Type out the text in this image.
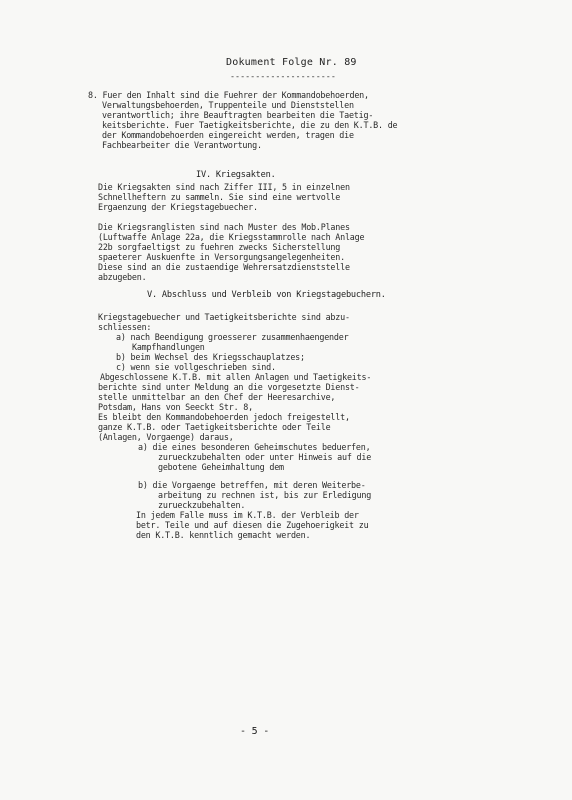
Dokument Folge Nr. 89
---------------------
8. Fuer den Inhalt sind die Fuehrer der Kommandobehoerden,
Verwaltungsbehoerden, Truppenteile und Dienststellen
verantwortlich; ihre Beauftragten bearbeiten die Taetig-
keitsberichte. Fuer Taetigkeitsberichte, die zu den K.T.B. de
der Kommandobehoerden eingereicht werden, tragen die
Fachbearbeiter die Verantwortung.
IV. Kriegsakten.
Die Kriegsakten sind nach Ziffer III, 5 in einzelnen
Schnellheftern zu sammeln. Sie sind eine wertvolle
Ergaenzung der Kriegstagebuecher.
Die Kriegsranglisten sind nach Muster des Mob.Planes
(Luftwaffe Anlage 22a, die Kriegsstammrolle nach Anlage
22b sorgfaeltigst zu fuehren zwecks Sicherstellung
spaeterer Auskuenfte in Versorgungsangelegenheiten.
Diese sind an die zustaendige Wehrersatzdienststelle
abzugeben.
V. Abschluss und Verbleib von Kriegstagebuchern.
Kriegstagebuecher und Taetigkeitsberichte sind abzu-
schliessen:
a) nach Beendigung groesserer zusammenhaengender
Kampfhandlungen
b) beim Wechsel des Kriegsschauplatzes;
c) wenn sie vollgeschrieben sind.
Abgeschlossene K.T.B. mit allen Anlagen und Taetigkeits-
berichte sind unter Meldung an die vorgesetzte Dienst-
stelle unmittelbar an den Chef der Heeresarchive,
Potsdam, Hans von Seeckt Str. 8,
Es bleibt den Kommandobehoerden jedoch freigestellt,
ganze K.T.B. oder Taetigkeitsberichte oder Teile
(Anlagen, Vorgaenge) daraus,
a) die eines besonderen Geheimschutes beduerfen,
zurueckzubehalten oder unter Hinweis auf die
gebotene Geheimhaltung dem
b) die Vorgaenge betreffen, mit deren Weiterbe-
arbeitung zu rechnen ist, bis zur Erledigung
zurueckzubehalten.
In jedem Falle muss im K.T.B. der Verbleib der
betr. Teile und auf diesen die Zugehoerigkeit zu
den K.T.B. kenntlich gemacht werden.
- 5 -
